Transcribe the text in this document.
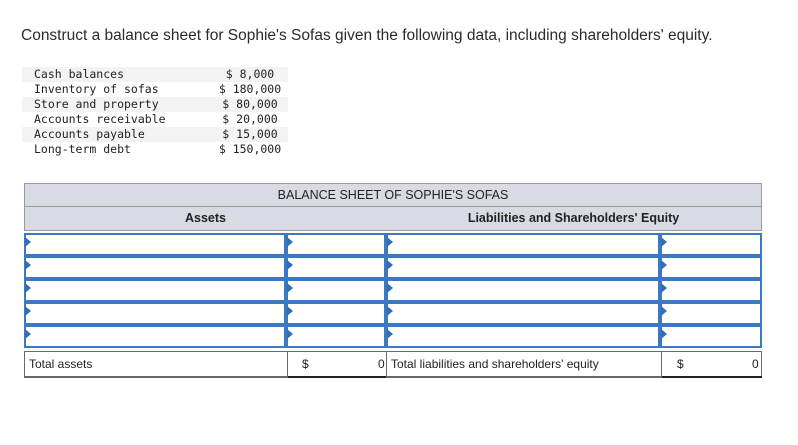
Construct a balance sheet for Sophie's Sofas given the following data, including shareholders' equity.
Cash balances	$ 8,000
Inventory of sofas	$ 180,000
Store and property	$ 80,000
Accounts receivable	$ 20,000
Accounts payable	$ 15,000
Long-term debt	$ 150,000
BALANCE SHEET OF SOPHIE'S SOFAS
Assets	Liabilities and Shareholders' Equity
Total assets	$	0 Total liabilities and shareholders' equity	$	0
